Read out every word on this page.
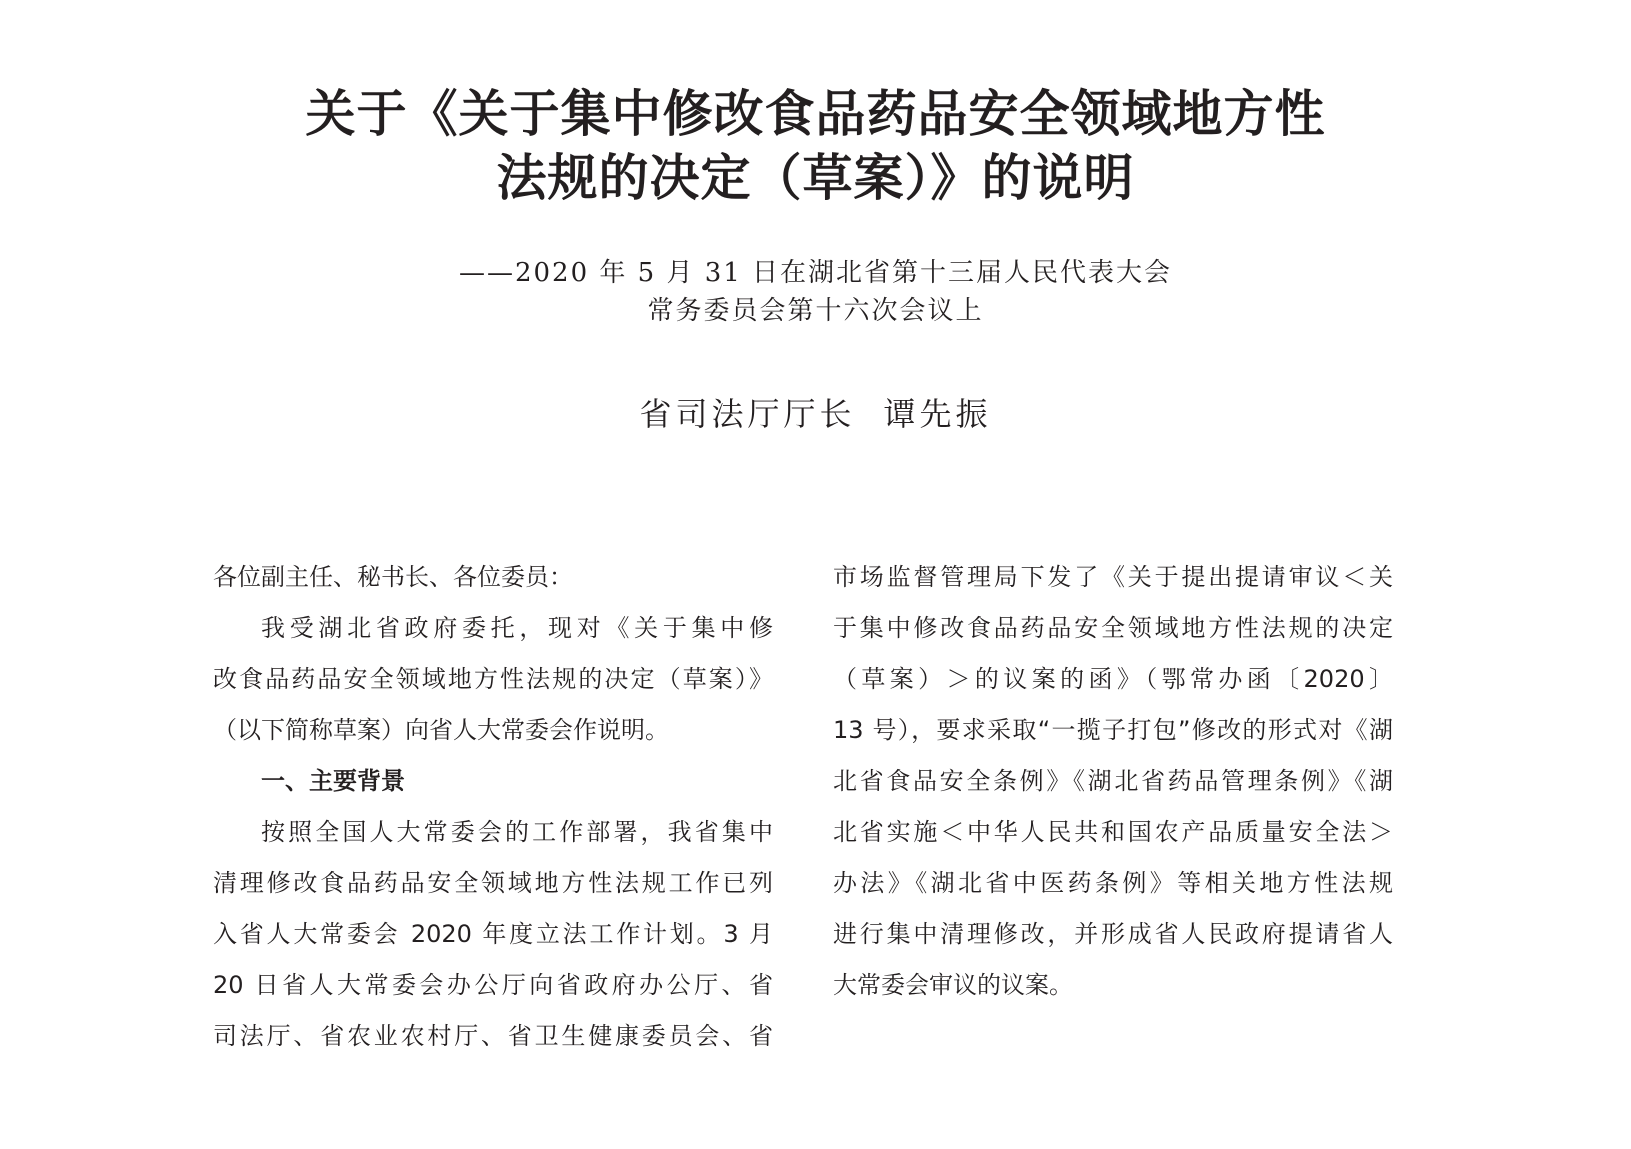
关于《关于集中修改食品药品安全领域地方性
法规的决定（草案）》的说明
——2020 年 5 月 31 日在湖北省第十三届人民代表大会
常务委员会第十六次会议上
省司法厅厅长 谭先振
各位副主任、秘书长、各位委员：
我受湖北省政府委托，现对《关于集中修
改食品药品安全领域地方性法规的决定（草案）》
（以下简称草案）向省人大常委会作说明。
一、主要背景
按照全国人大常委会的工作部署，我省集中
清理修改食品药品安全领域地方性法规工作已列
入省人大常委会 2020 年度立法工作计划。3 月
20 日省人大常委会办公厅向省政府办公厅、省
司法厅、省农业农村厅、省卫生健康委员会、省
市场监督管理局下发了《关于提出提请审议＜关
于集中修改食品药品安全领域地方性法规的决定
（草案）＞的议案的函》（鄂常办函〔2020〕
13 号），要求采取“一揽子打包”修改的形式对《湖
北省食品安全条例》《湖北省药品管理条例》《湖
北省实施＜中华人民共和国农产品质量安全法＞
办法》《湖北省中医药条例》等相关地方性法规
进行集中清理修改，并形成省人民政府提请省人
大常委会审议的议案。
